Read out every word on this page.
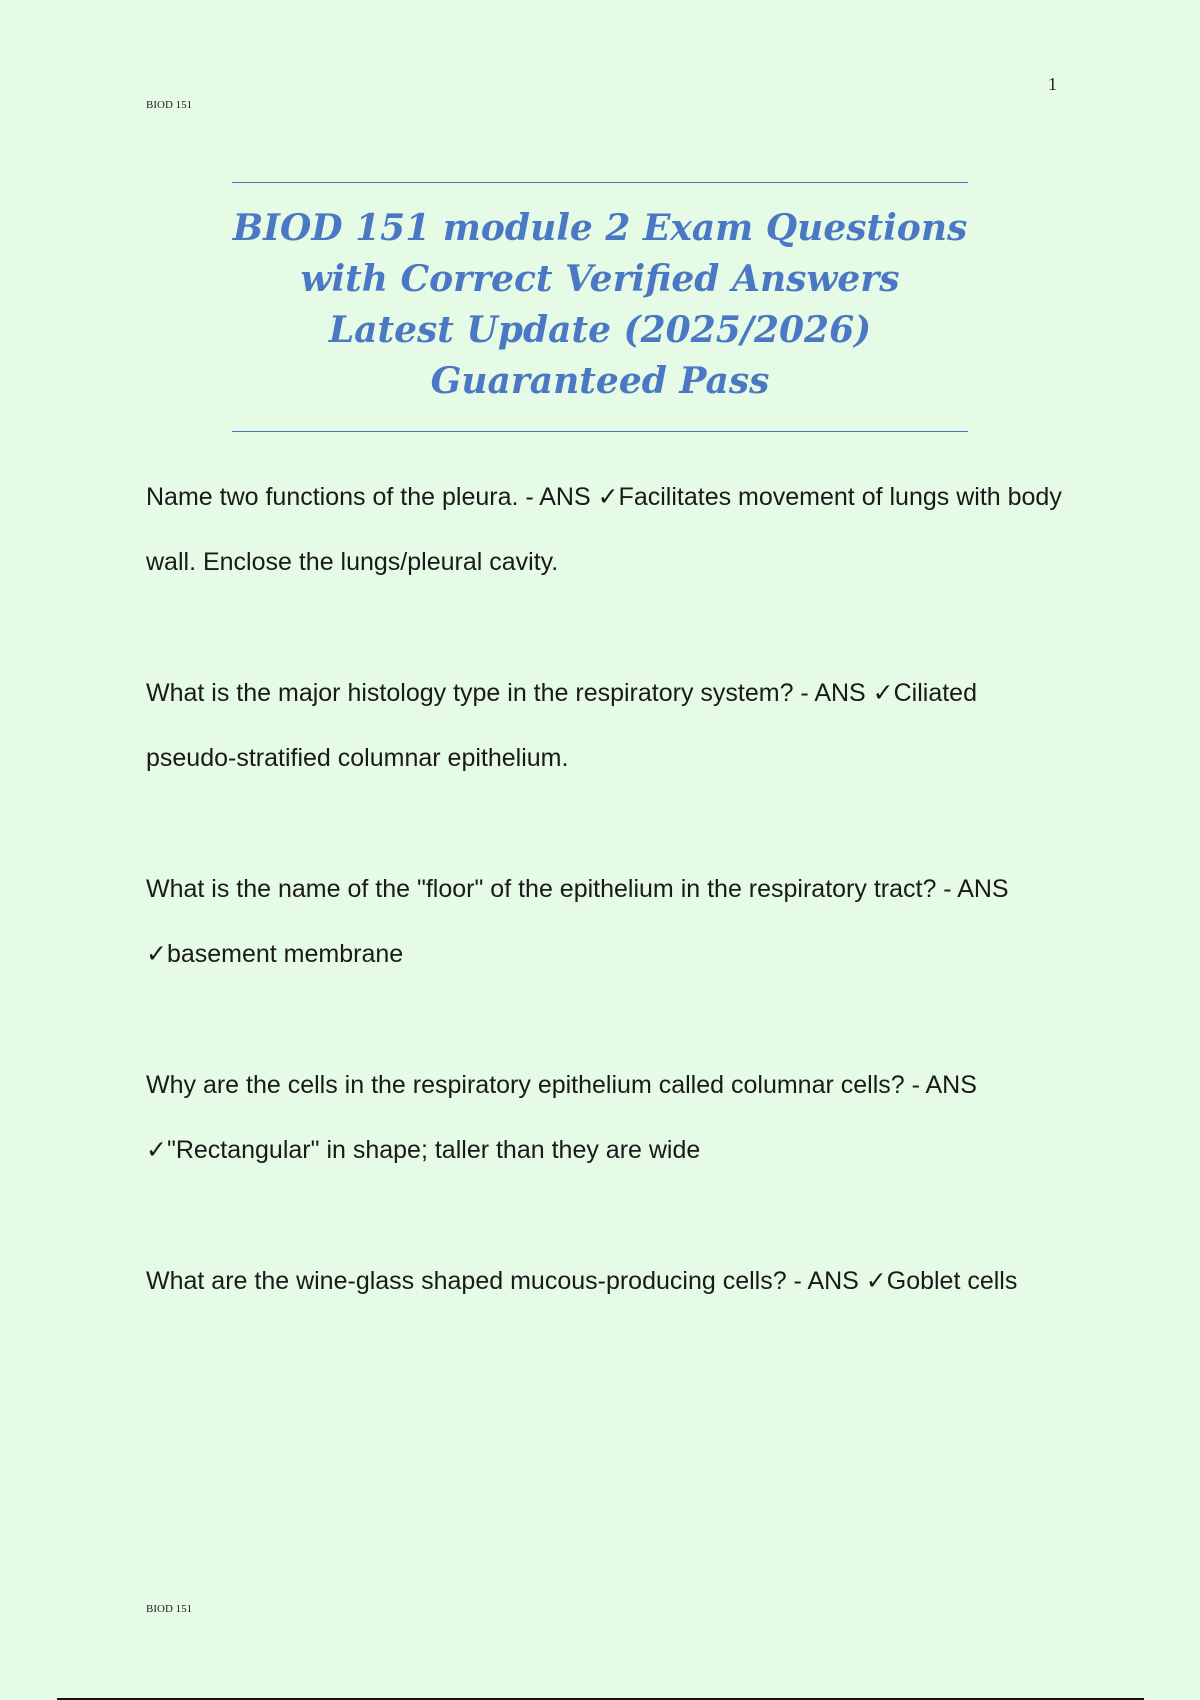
BIOD 151
1
BIOD 151 module 2 Exam Questions with Correct Verified Answers Latest Update (2025/2026) Guaranteed Pass

Name two functions of the pleura. - ANS ✓Facilitates movement of lungs with body wall. Enclose the lungs/pleural cavity.

What is the major histology type in the respiratory system? - ANS ✓Ciliated pseudo-stratified columnar epithelium.

What is the name of the "floor" of the epithelium in the respiratory tract? - ANS ✓basement membrane

Why are the cells in the respiratory epithelium called columnar cells? - ANS ✓"Rectangular" in shape; taller than they are wide

What are the wine-glass shaped mucous-producing cells? - ANS ✓Goblet cells

BIOD 151
